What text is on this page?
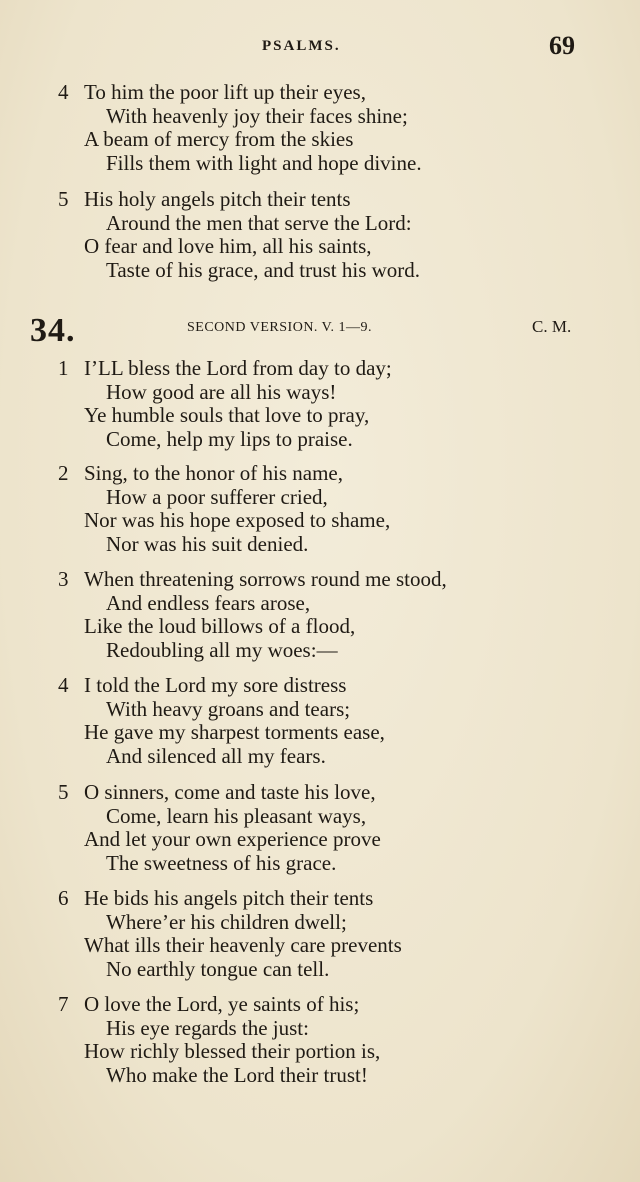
PSALMS.	69
4 To him the poor lift up their eyes,
With heavenly joy their faces shine;
A beam of mercy from the skies
Fills them with light and hope divine.
5 His holy angels pitch their tents
Around the men that serve the Lord:
O fear and love him, all his saints,
Taste of his grace, and trust his word.
34.	SECOND VERSION. V. 1—9.	C. M.
1 I’LL bless the Lord from day to day;
How good are all his ways!
Ye humble souls that love to pray,
Come, help my lips to praise.
2 Sing, to the honor of his name,
How a poor sufferer cried,
Nor was his hope exposed to shame,
Nor was his suit denied.
3 When threatening sorrows round me stood,
And endless fears arose,
Like the loud billows of a flood,
Redoubling all my woes:—
4 I told the Lord my sore distress
With heavy groans and tears;
He gave my sharpest torments ease,
And silenced all my fears.
5 O sinners, come and taste his love,
Come, learn his pleasant ways,
And let your own experience prove
The sweetness of his grace.
6 He bids his angels pitch their tents
Where’er his children dwell;
What ills their heavenly care prevents
No earthly tongue can tell.
7 O love the Lord, ye saints of his;
His eye regards the just:
How richly blessed their portion is,
Who make the Lord their trust!
